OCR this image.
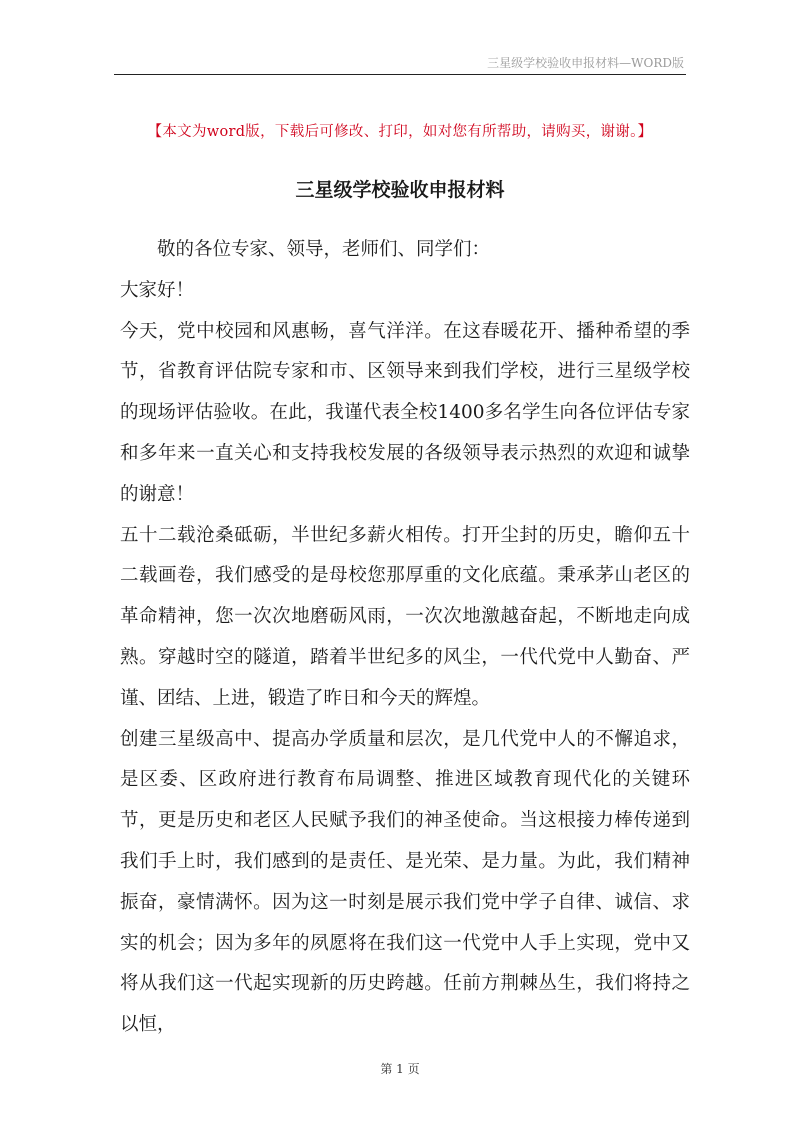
三星级学校验收申报材料—WORD版
【本文为word版，下载后可修改、打印，如对您有所帮助，请购买，谢谢。】
三星级学校验收申报材料

敬的各位专家、领导，老师们、同学们：

大家好！

今天，党中校园和风惠畅，喜气洋洋。在这春暖花开、播种希望的季节，省教育评估院专家和市、区领导来到我们学校，进行三星级学校的现场评估验收。在此，我谨代表全校1400多名学生向各位评估专家和多年来一直关心和支持我校发展的各级领导表示热烈的欢迎和诚挚的谢意！

五十二载沧桑砥砺，半世纪多薪火相传。打开尘封的历史，瞻仰五十二载画卷，我们感受的是母校您那厚重的文化底蕴。秉承茅山老区的革命精神，您一次次地磨砺风雨，一次次地激越奋起，不断地走向成熟。穿越时空的隧道，踏着半世纪多的风尘，一代代党中人勤奋、严谨、团结、上进，锻造了昨日和今天的辉煌。

创建三星级高中、提高办学质量和层次，是几代党中人的不懈追求，是区委、区政府进行教育布局调整、推进区域教育现代化的关键环节，更是历史和老区人民赋予我们的神圣使命。当这根接力棒传递到我们手上时，我们感到的是责任、是光荣、是力量。为此，我们精神振奋，豪情满怀。因为这一时刻是展示我们党中学子自律、诚信、求实的机会；因为多年的夙愿将在我们这一代党中人手上实现，党中又将从我们这一代起实现新的历史跨越。任前方荆棘丛生，我们将持之以恒，

第 1 页
